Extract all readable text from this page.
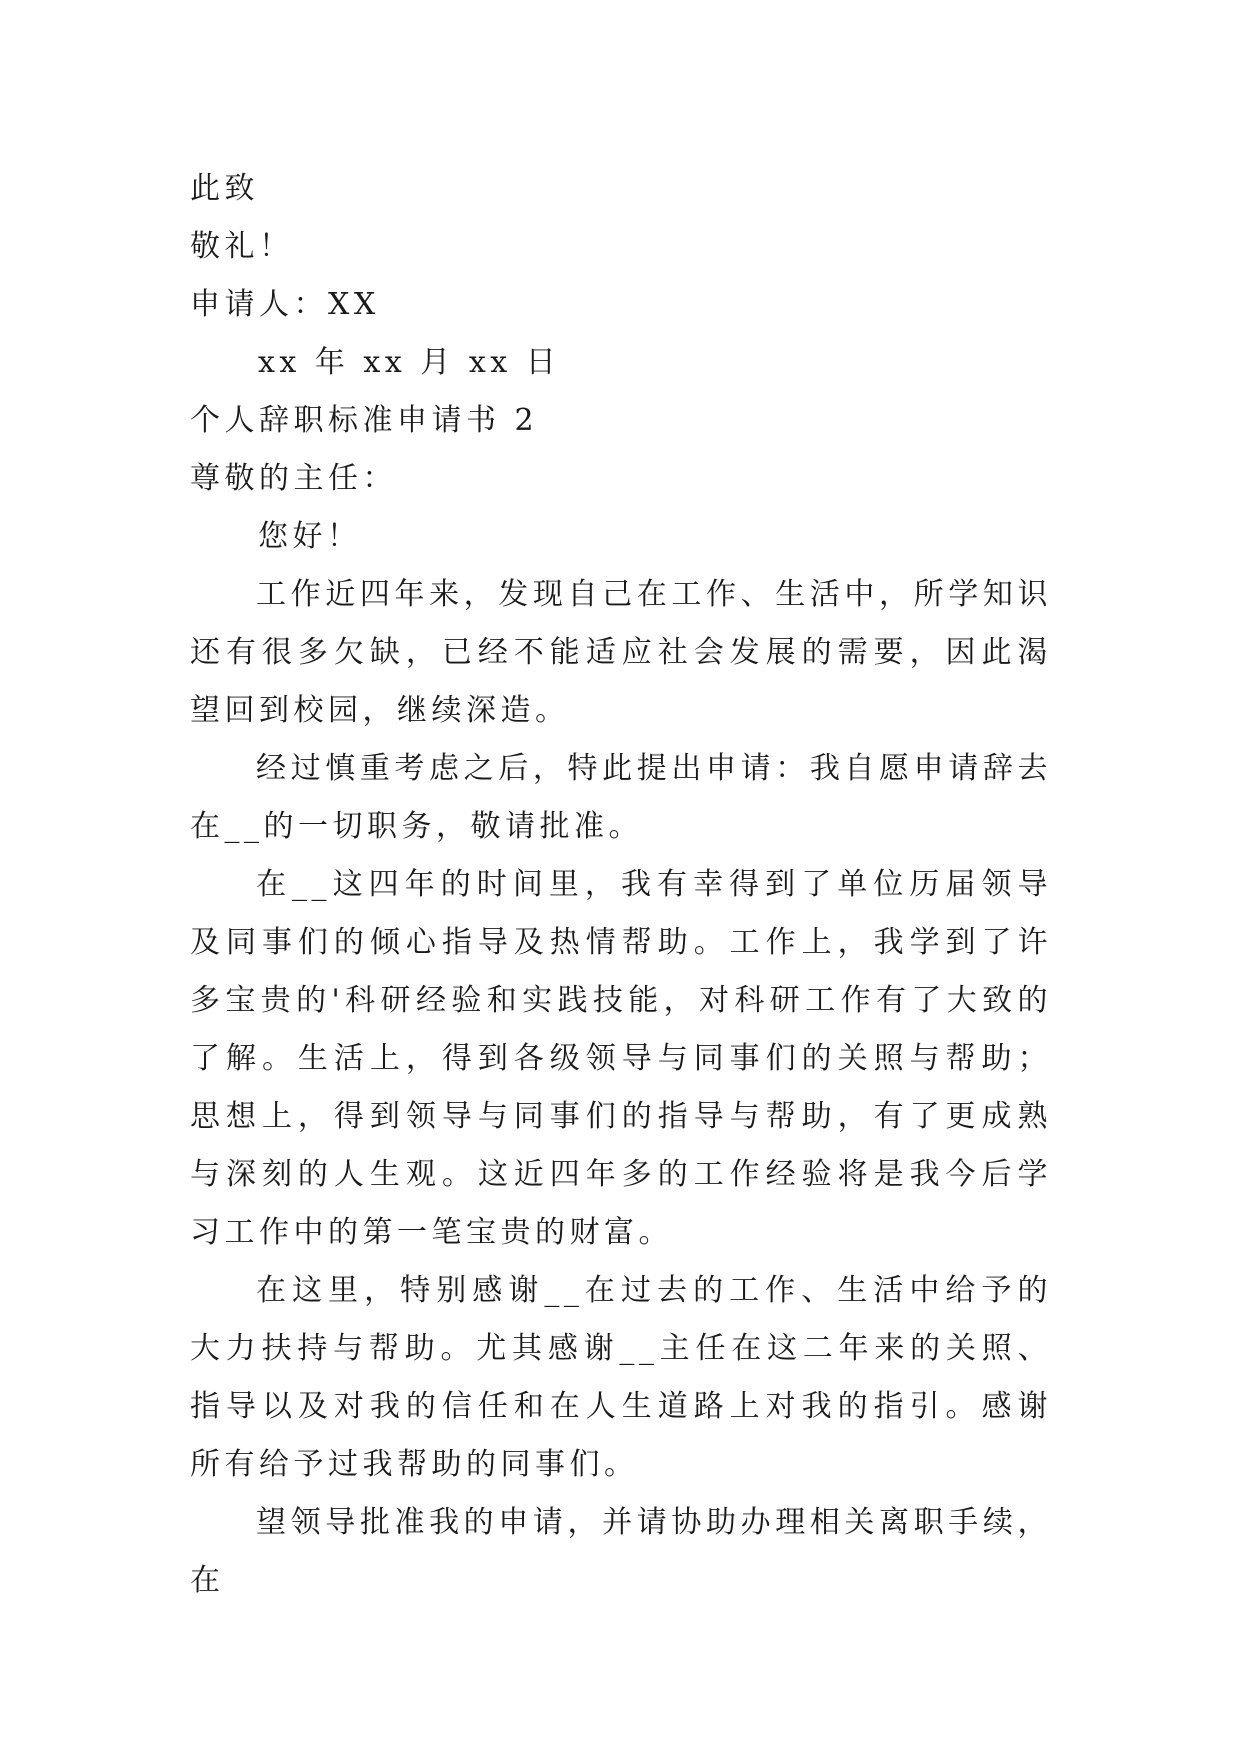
此致

敬礼！

申请人：XX

xx 年 xx 月 xx 日

个人辞职标准申请书 2

尊敬的主任：

您好！

工作近四年来，发现自己在工作、生活中，所学知识还有很多欠缺，已经不能适应社会发展的需要，因此渴望回到校园，继续深造。

经过慎重考虑之后，特此提出申请：我自愿申请辞去在__的一切职务，敬请批准。

在__这四年的时间里，我有幸得到了单位历届领导及同事们的倾心指导及热情帮助。工作上，我学到了许多宝贵的'科研经验和实践技能，对科研工作有了大致的了解。生活上，得到各级领导与同事们的关照与帮助；思想上，得到领导与同事们的指导与帮助，有了更成熟与深刻的人生观。这近四年多的工作经验将是我今后学习工作中的第一笔宝贵的财富。

在这里，特别感谢__在过去的工作、生活中给予的大力扶持与帮助。尤其感谢__主任在这二年来的关照、指导以及对我的信任和在人生道路上对我的指引。感谢所有给予过我帮助的同事们。

望领导批准我的申请，并请协助办理相关离职手续，在
